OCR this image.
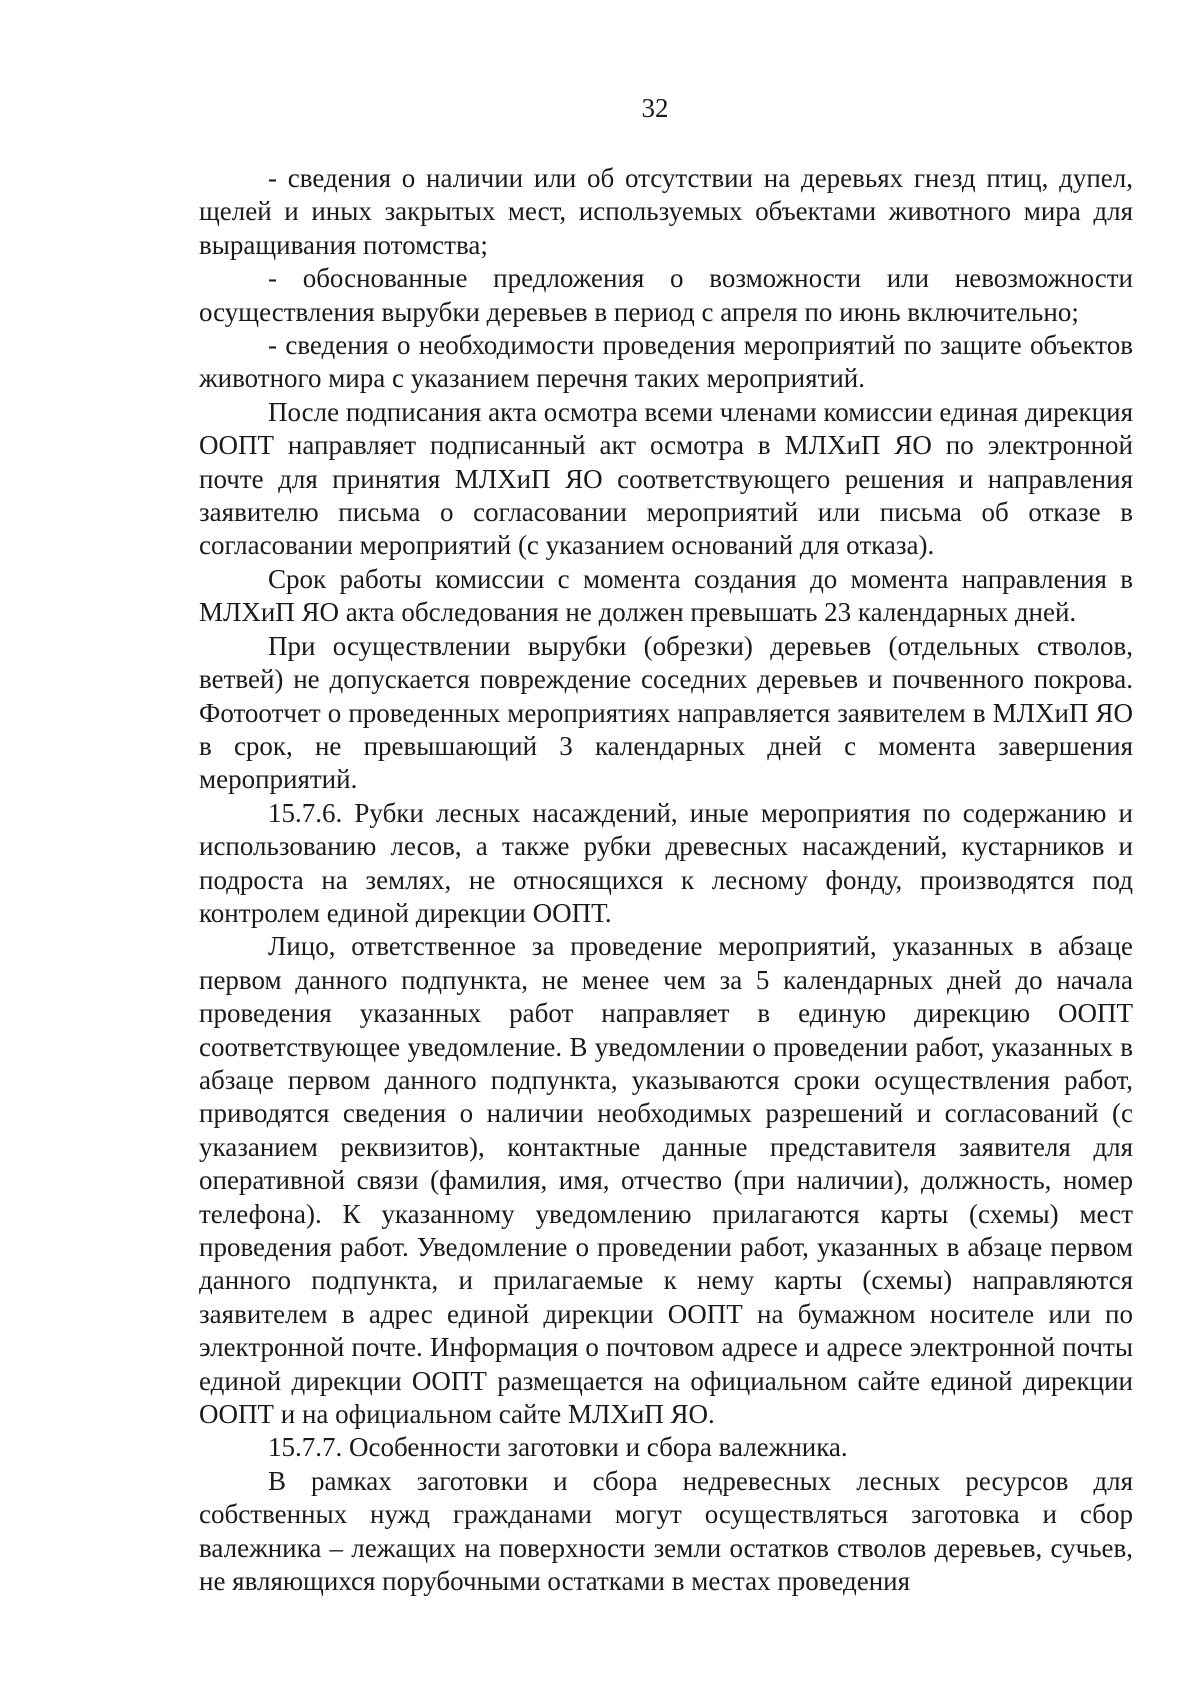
32

- сведения о наличии или об отсутствии на деревьях гнезд птиц, дупел, щелей и иных закрытых мест, используемых объектами животного мира для выращивания потомства;

- обоснованные предложения о возможности или невозможности осуществления вырубки деревьев в период с апреля по июнь включительно;

- сведения о необходимости проведения мероприятий по защите объектов животного мира с указанием перечня таких мероприятий.

После подписания акта осмотра всеми членами комиссии единая дирекция ООПТ направляет подписанный акт осмотра в МЛХиП ЯО по электронной почте для принятия МЛХиП ЯО соответствующего решения и направления заявителю письма о согласовании мероприятий или письма об отказе в согласовании мероприятий (с указанием оснований для отказа).

Срок работы комиссии с момента создания до момента направления в МЛХиП ЯО акта обследования не должен превышать 23 календарных дней.

При осуществлении вырубки (обрезки) деревьев (отдельных стволов, ветвей) не допускается повреждение соседних деревьев и почвенного покрова. Фотоотчет о проведенных мероприятиях направляется заявителем в МЛХиП ЯО в срок, не превышающий 3 календарных дней с момента завершения мероприятий.

15.7.6. Рубки лесных насаждений, иные мероприятия по содержанию и использованию лесов, а также рубки древесных насаждений, кустарников и подроста на землях, не относящихся к лесному фонду, производятся под контролем единой дирекции ООПТ.

Лицо, ответственное за проведение мероприятий, указанных в абзаце первом данного подпункта, не менее чем за 5 календарных дней до начала проведения указанных работ направляет в единую дирекцию ООПТ соответствующее уведомление. В уведомлении о проведении работ, указанных в абзаце первом данного подпункта, указываются сроки осуществления работ, приводятся сведения о наличии необходимых разрешений и согласований (с указанием реквизитов), контактные данные представителя заявителя для оперативной связи (фамилия, имя, отчество (при наличии), должность, номер телефона). К указанному уведомлению прилагаются карты (схемы) мест проведения работ. Уведомление о проведении работ, указанных в абзаце первом данного подпункта, и прилагаемые к нему карты (схемы) направляются заявителем в адрес единой дирекции ООПТ на бумажном носителе или по электронной почте. Информация о почтовом адресе и адресе электронной почты единой дирекции ООПТ размещается на официальном сайте единой дирекции ООПТ и на официальном сайте МЛХиП ЯО.

15.7.7. Особенности заготовки и сбора валежника.

В рамках заготовки и сбора недревесных лесных ресурсов для собственных нужд гражданами могут осуществляться заготовка и сбор валежника – лежащих на поверхности земли остатков стволов деревьев, сучьев, не являющихся порубочными остатками в местах проведения
